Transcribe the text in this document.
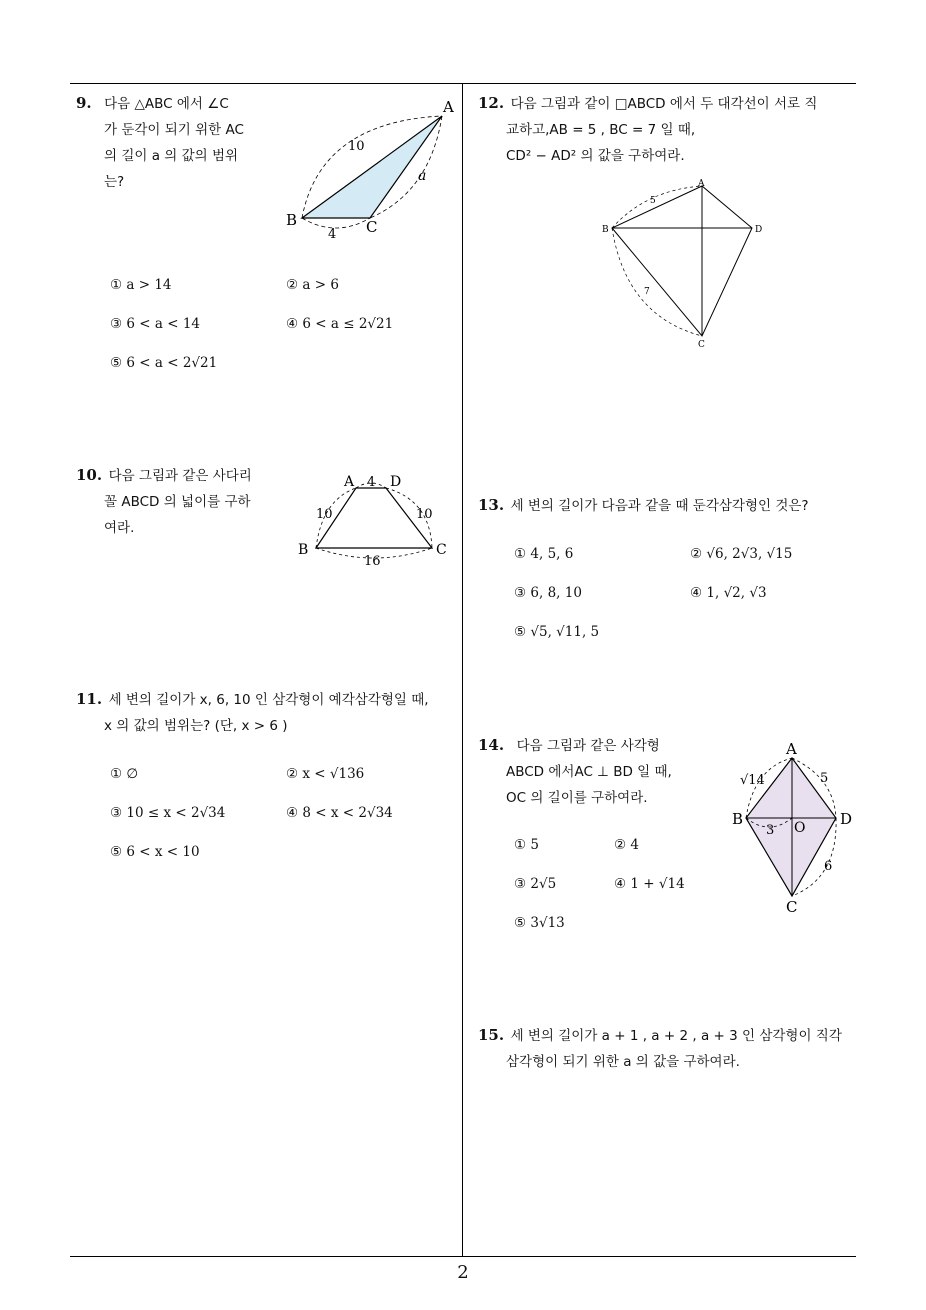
9. 다음 △ABC 에서 ∠C
가 둔각이 되기 위한 AC
의 길이 a 의 값의 범위
는?
A
B	C
10
4
a
① a > 14	② a > 6
③ 6 < a < 14	④ 6 < a ≤ 2√21
⑤ 6 < a < 2√21
10. 다음 그림과 같은 사다리
꼴 ABCD 의 넓이를 구하
여라.
A	D
B	C
4
10	10
16
11. 세 변의 길이가 x, 6, 10 인 삼각형이 예각삼각형일 때,
x 의 값의 범위는? (단, x > 6 )
① ∅	② x < √136
③ 10 ≤ x < 2√34	④ 8 < x < 2√34
⑤ 6 < x < 10
12. 다음 그림과 같이 □ABCD 에서 두 대각선이 서로 직
교하고,AB = 5 , BC = 7 일 때,
CD² − AD² 의 값을 구하여라.
A
B
C
D
5
7
13. 세 변의 길이가 다음과 같을 때 둔각삼각형인 것은?
① 4, 5, 6	② √6, 2√3, √15
③ 6, 8, 10	④ 1, √2, √3
⑤ √5, √11, 5
14. 다음 그림과 같은 사각형
ABCD 에서AC ⊥ BD 일 때,
OC 의 길이를 구하여라.
A
B
C
D
O
√14	5
3
6
① 5	② 4
③ 2√5	④ 1 + √14
⑤ 3√13
15. 세 변의 길이가 a + 1 , a + 2 , a + 3 인 삼각형이 직각
삼각형이 되기 위한 a 의 값을 구하여라.
2
